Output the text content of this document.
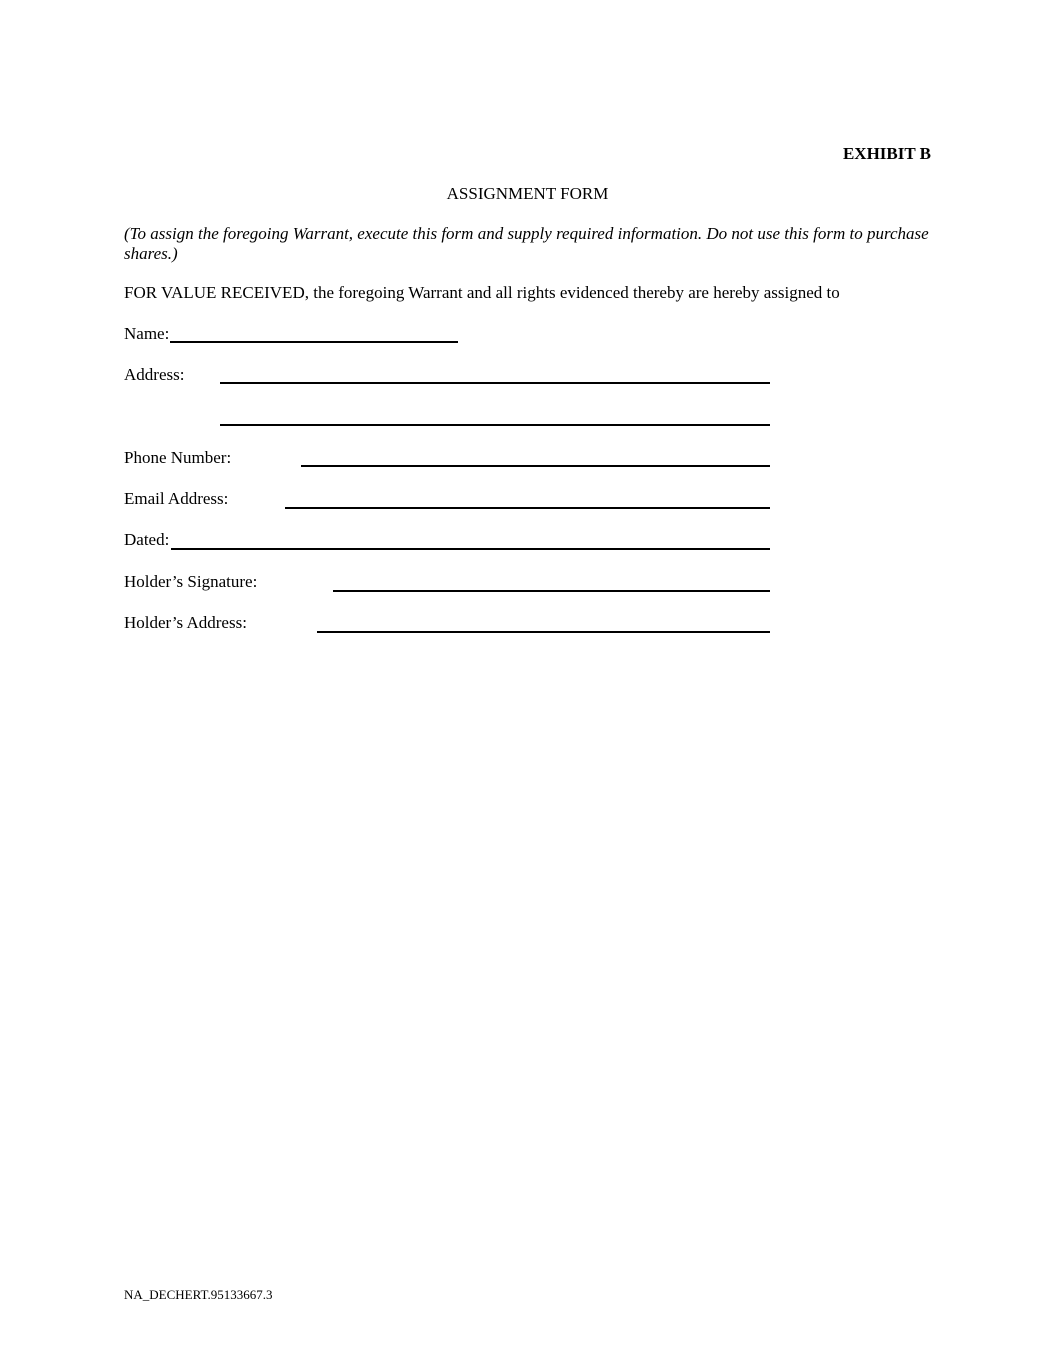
EXHIBIT B
ASSIGNMENT FORM
(To assign the foregoing Warrant, execute this form and supply required information. Do not use this form to purchase shares.)
FOR VALUE RECEIVED, the foregoing Warrant and all rights evidenced thereby are hereby assigned to
Name:
Address:
Phone Number:
Email Address:
Dated:
Holder’s Signature:
Holder’s Address:
NA_DECHERT.95133667.3
